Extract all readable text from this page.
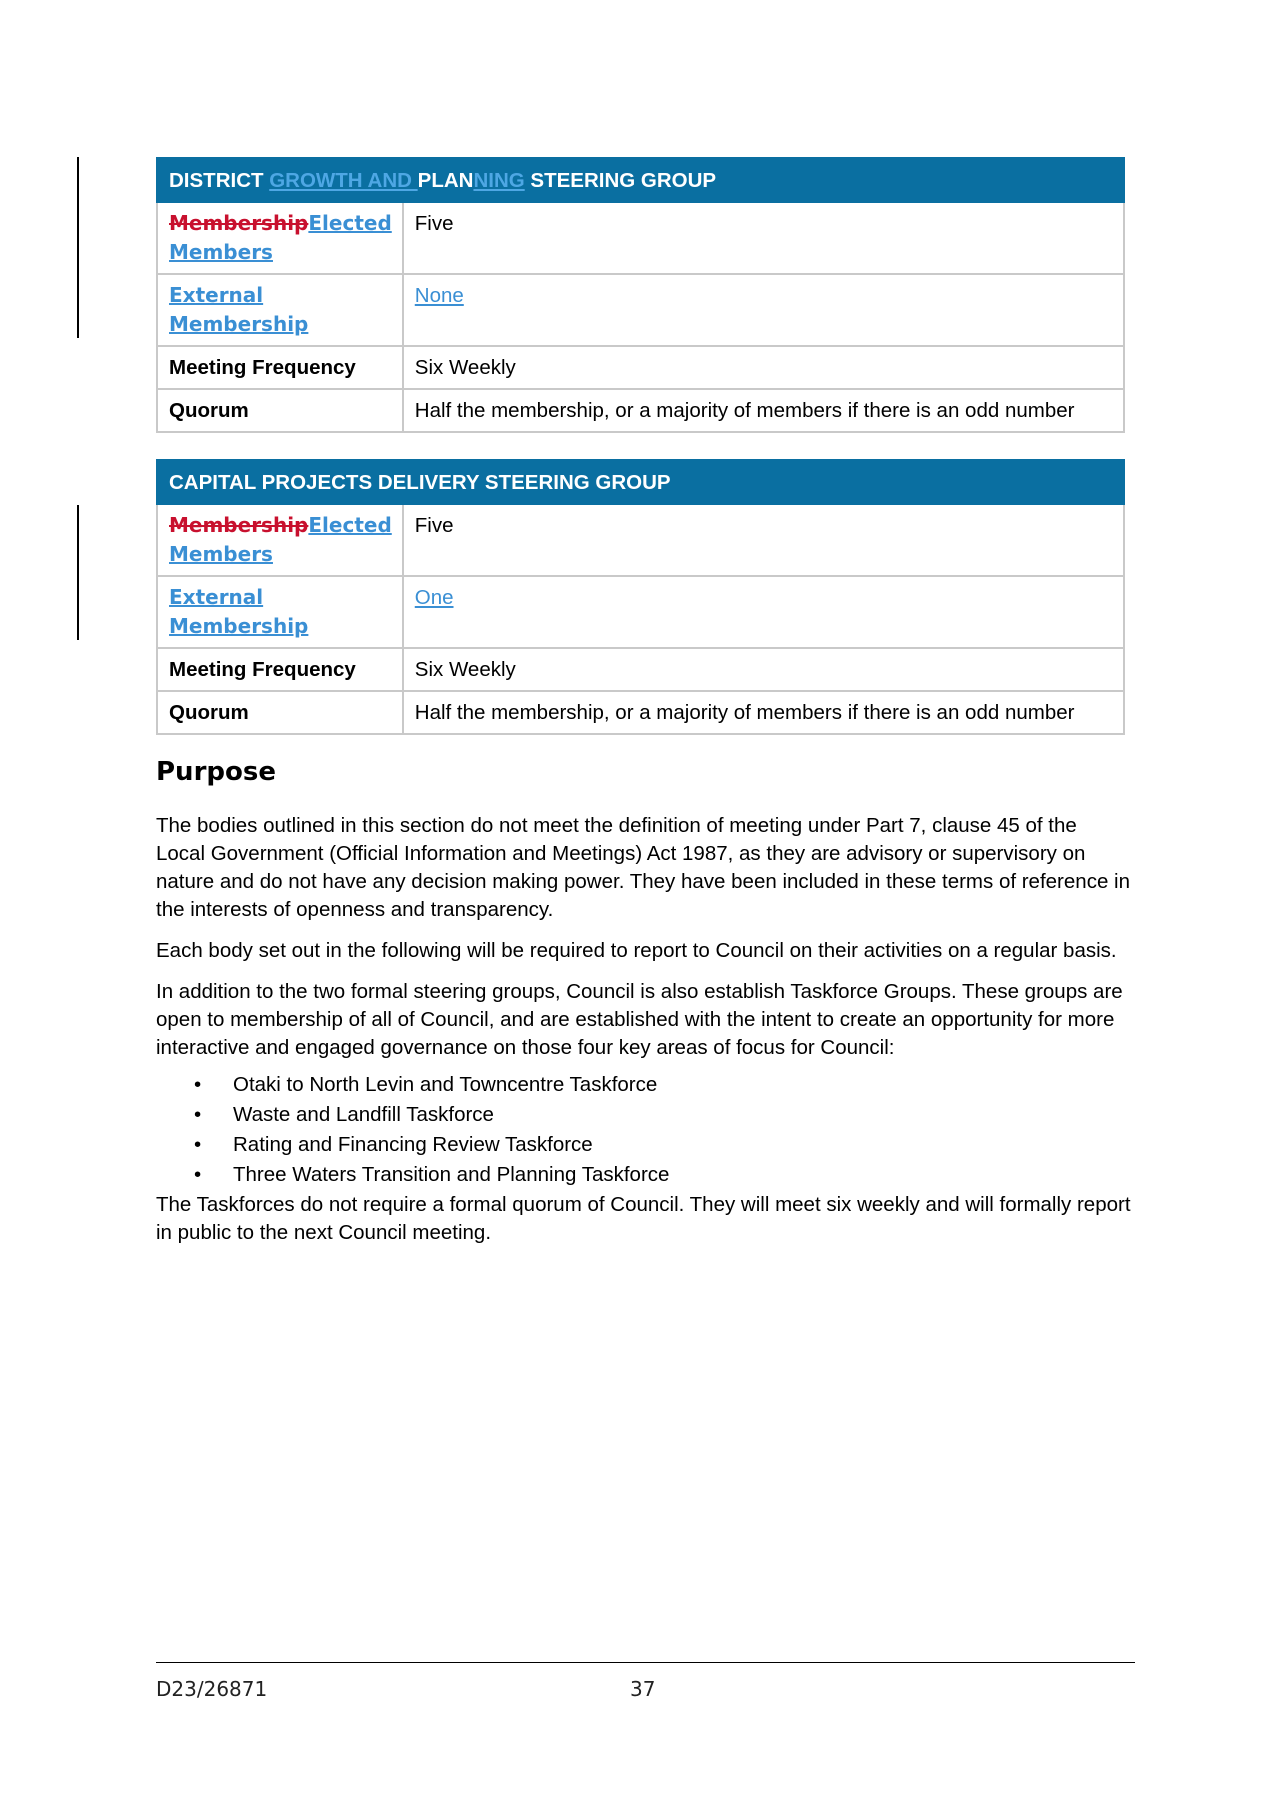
DISTRICT GROWTH AND PLANNING STEERING GROUP	
MembershipElected Members	Five
External Membership	None
Meeting Frequency	Six Weekly
Quorum	Half the membership, or a majority of members if there is an odd number
CAPITAL PROJECTS DELIVERY STEERING GROUP	
MembershipElected Members	Five
External Membership	One
Meeting Frequency	Six Weekly
Quorum	Half the membership, or a majority of members if there is an odd number
Purpose

The bodies outlined in this section do not meet the definition of meeting under Part 7, clause 45 of the Local Government (Official Information and Meetings) Act 1987, as they are advisory or supervisory on nature and do not have any decision making power. They have been included in these terms of reference in the interests of openness and transparency.

Each body set out in the following will be required to report to Council on their activities on a regular basis.

In addition to the two formal steering groups, Council is also establish Taskforce Groups. These groups are open to membership of all of Council, and are established with the intent to create an opportunity for more interactive and engaged governance on those four key areas of focus for Council:

• Otaki to North Levin and Towncentre Taskforce
• Waste and Landfill Taskforce
• Rating and Financing Review Taskforce
• Three Waters Transition and Planning Taskforce

The Taskforces do not require a formal quorum of Council. They will meet six weekly and will formally report in public to the next Council meeting.

D23/26871	37
